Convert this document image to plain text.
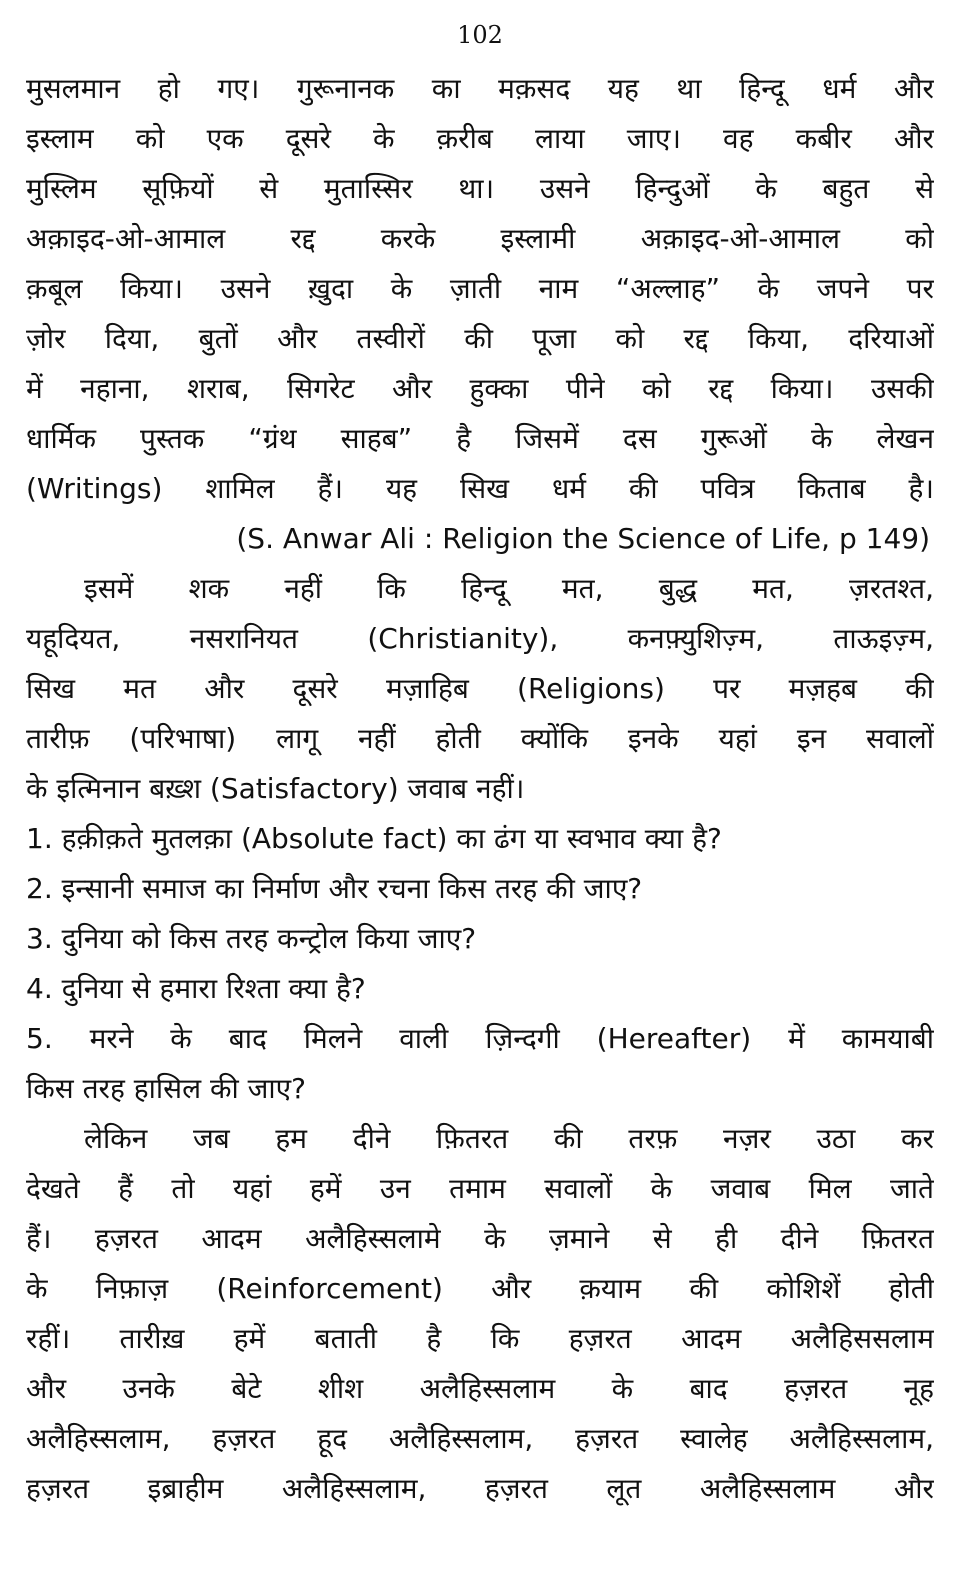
102
मुसलमान हो गए। गुरूनानक का मक़सद यह था हिन्दू धर्म और
इस्लाम को एक दूसरे के क़रीब लाया जाए। वह कबीर और
मुस्लिम सूफ़ियों से मुतास्सिर था। उसने हिन्दुओं के बहुत से
अक़ाइद-ओ-आमाल रद्द करके इस्लामी अक़ाइद-ओ-आमाल को
क़बूल किया। उसने ख़ुदा के ज़ाती नाम “अल्लाह” के जपने पर
ज़ोर दिया, बुतों और तस्वीरों की पूजा को रद्द किया, दरियाओं
में नहाना, शराब, सिगरेट और हुक्का पीने को रद्द किया। उसकी
धार्मिक पुस्तक “ग्रंथ साहब” है जिसमें दस गुरूओं के लेखन
(Writings) शामिल हैं। यह सिख धर्म की पवित्र किताब है।
(S. Anwar Ali : Religion the Science of Life, p 149)
इसमें शक नहीं कि हिन्दू मत, बुद्ध मत, ज़रतश्त,
यहूदियत, नसरानियत (Christianity), कनफ़्युशिज़्म, ताऊइज़्म,
सिख मत और दूसरे मज़ाहिब (Religions) पर मज़हब की
तारीफ़ (परिभाषा) लागू नहीं होती क्योंकि इनके यहां इन सवालों
के इत्मिनान बख़्श (Satisfactory) जवाब नहीं।
1. हक़ीक़ते मुतलक़ा (Absolute fact) का ढंग या स्वभाव क्या है?
2. इन्सानी समाज का निर्माण और रचना किस तरह की जाए?
3. दुनिया को किस तरह कन्ट्रोल किया जाए?
4. दुनिया से हमारा रिश्ता क्या है?
5. मरने के बाद मिलने वाली ज़िन्दगी (Hereafter) में कामयाबी
किस तरह हासिल की जाए?
लेकिन जब हम दीने फ़ितरत की तरफ़ नज़र उठा कर
देखते हैं तो यहां हमें उन तमाम सवालों के जवाब मिल जाते
हैं। हज़रत आदम अलैहिस्सलामे के ज़माने से ही दीने फ़ितरत
के निफ़ाज़ (Reinforcement) और क़याम की कोशिशें होती
रहीं। तारीख़ हमें बताती है कि हज़रत आदम अलैहिससलाम
और उनके बेटे शीश अलैहिस्सलाम के बाद हज़रत नूह
अलैहिस्सलाम, हज़रत हूद अलैहिस्सलाम, हज़रत स्वालेह अलैहिस्सलाम,
हज़रत इब्राहीम अलैहिस्सलाम, हज़रत लूत अलैहिस्सलाम और
